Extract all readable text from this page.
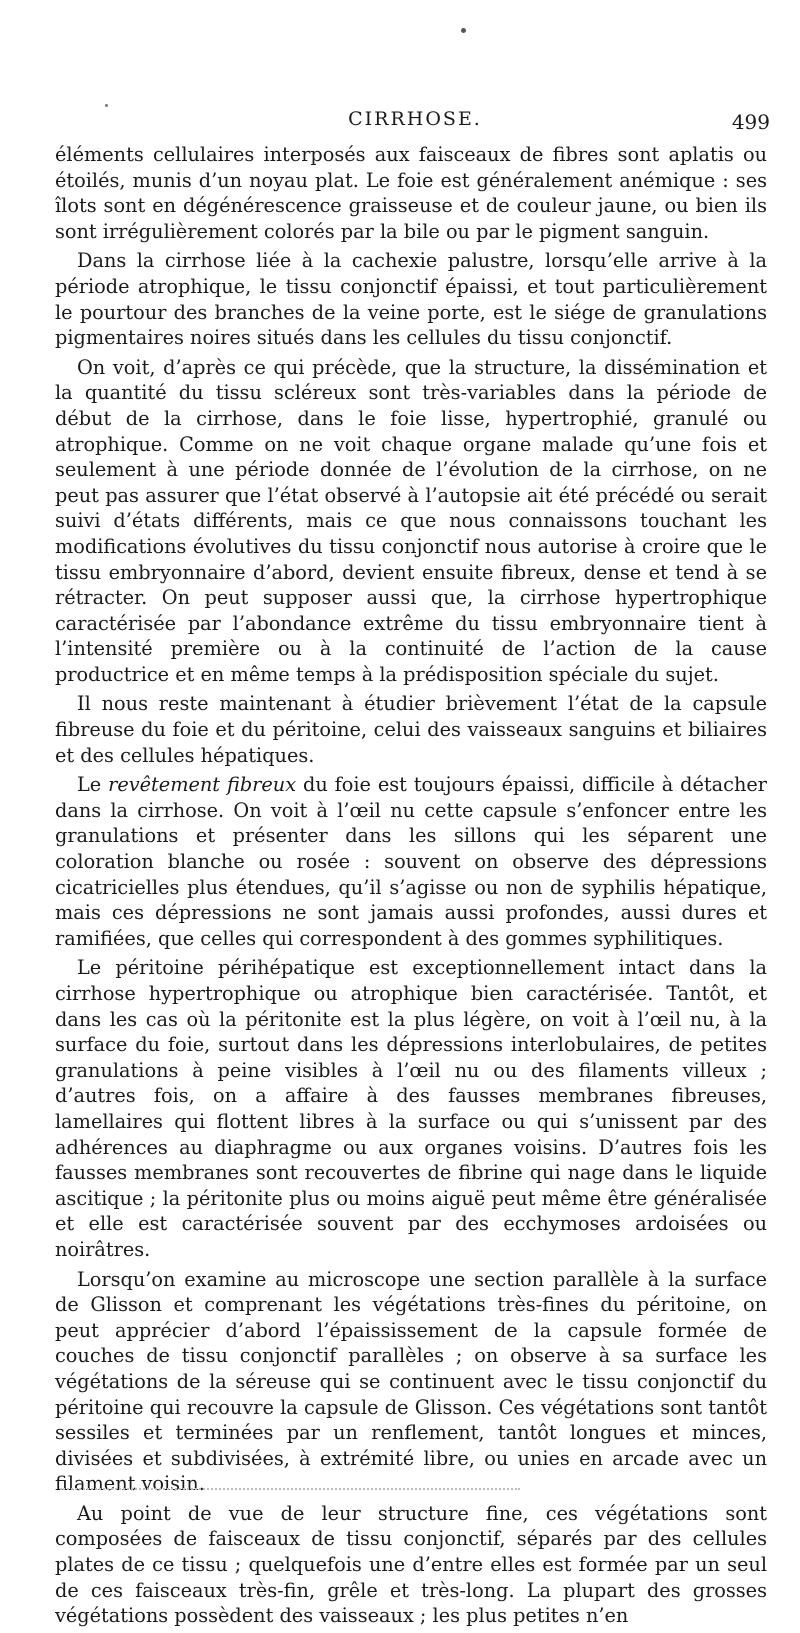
CIRRHOSE.	499

éléments cellulaires interposés aux faisceaux de fibres sont aplatis ou étoilés, munis d’un noyau plat. Le foie est généralement anémique : ses îlots sont en dégénérescence graisseuse et de couleur jaune, ou bien ils sont irrégulièrement colorés par la bile ou par le pigment sanguin.

Dans la cirrhose liée à la cachexie palustre, lorsqu’elle arrive à la période atrophique, le tissu conjonctif épaissi, et tout particulièrement le pourtour des branches de la veine porte, est le siége de granulations pigmentaires noires situés dans les cellules du tissu conjonctif.

On voit, d’après ce qui précède, que la structure, la dissémination et la quantité du tissu scléreux sont très-variables dans la période de début de la cirrhose, dans le foie lisse, hypertrophié, granulé ou atrophique. Comme on ne voit chaque organe malade qu’une fois et seulement à une période donnée de l’évolution de la cirrhose, on ne peut pas assurer que l’état observé à l’autopsie ait été précédé ou serait suivi d’états différents, mais ce que nous connaissons touchant les modifications évolutives du tissu conjonctif nous autorise à croire que le tissu embryonnaire d’abord, devient ensuite fibreux, dense et tend à se rétracter. On peut supposer aussi que, la cirrhose hypertrophique caractérisée par l’abondance extrême du tissu embryonnaire tient à l’intensité première ou à la continuité de l’action de la cause productrice et en même temps à la prédisposition spéciale du sujet.

Il nous reste maintenant à étudier brièvement l’état de la capsule fibreuse du foie et du péritoine, celui des vaisseaux sanguins et biliaires et des cellules hépatiques.

Le revêtement fibreux du foie est toujours épaissi, difficile à détacher dans la cirrhose. On voit à l’œil nu cette capsule s’enfoncer entre les granulations et présenter dans les sillons qui les séparent une coloration blanche ou rosée : souvent on observe des dépressions cicatricielles plus étendues, qu’il s’agisse ou non de syphilis hépatique, mais ces dépressions ne sont jamais aussi profondes, aussi dures et ramifiées, que celles qui correspondent à des gommes syphilitiques.

Le péritoine périhépatique est exceptionnellement intact dans la cirrhose hypertrophique ou atrophique bien caractérisée. Tantôt, et dans les cas où la péritonite est la plus légère, on voit à l’œil nu, à la surface du foie, surtout dans les dépressions interlobulaires, de petites granulations à peine visibles à l’œil nu ou des filaments villeux ; d’autres fois, on a affaire à des fausses membranes fibreuses, lamellaires qui flottent libres à la surface ou qui s’unissent par des adhérences au diaphragme ou aux organes voisins. D’autres fois les fausses membranes sont recouvertes de fibrine qui nage dans le liquide ascitique ; la péritonite plus ou moins aiguë peut même être généralisée et elle est caractérisée souvent par des ecchymoses ardoisées ou noirâtres.

Lorsqu’on examine au microscope une section parallèle à la surface de Glisson et comprenant les végétations très-fines du péritoine, on peut apprécier d’abord l’épaississement de la capsule formée de couches de tissu conjonctif parallèles ; on observe à sa surface les végétations de la séreuse qui se continuent avec le tissu conjonctif du péritoine qui recouvre la capsule de Glisson. Ces végétations sont tantôt sessiles et terminées par un renflement, tantôt longues et minces, divisées et subdivisées, à extrémité libre, ou unies en arcade avec un filament voisin.

Au point de vue de leur structure fine, ces végétations sont composées de faisceaux de tissu conjonctif, séparés par des cellules plates de ce tissu ; quelquefois une d’entre elles est formée par un seul de ces faisceaux très-fin, grêle et très-long. La plupart des grosses végétations possèdent des vaisseaux ; les plus petites n’en
